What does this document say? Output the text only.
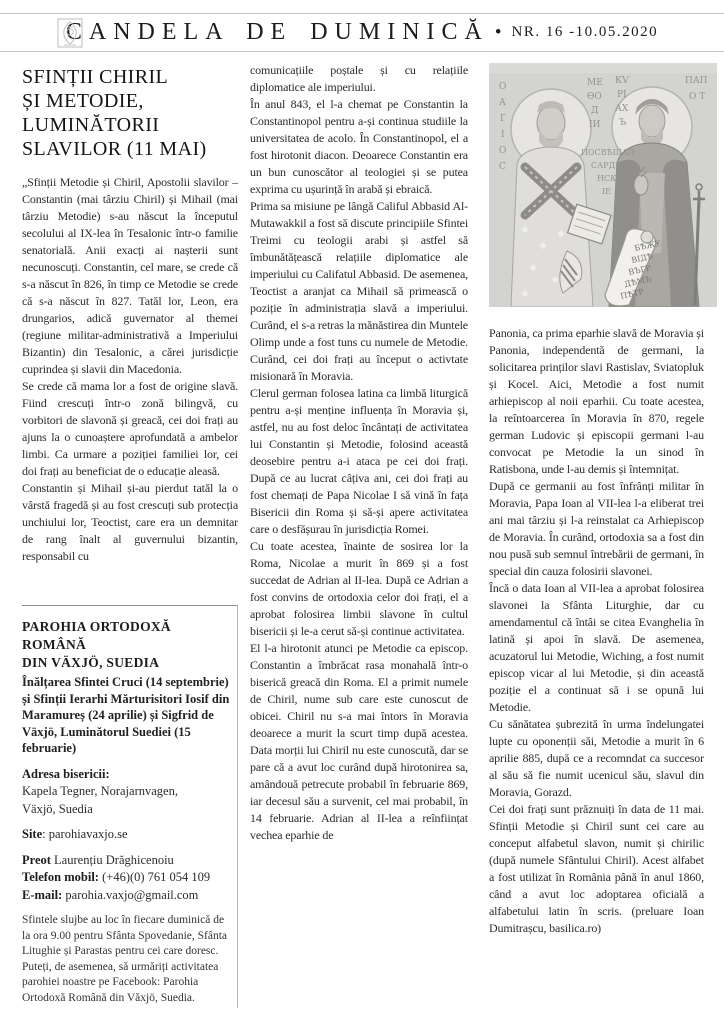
CANDELA DE DUMINICĂ • NR. 16 -10.05.2020
SFINȚII CHIRIL
ȘI METODIE,
LUMINĂTORII
SLAVILOR (11 MAI)

„Sfinții Metodie și Chiril, Apostolii slavilor – Constantin (mai târziu Chiril) și Mihail (mai târziu Metodie) s-au născut la începutul secolului al IX-lea în Tesalonic într-o familie senatorială. Anii exacți ai nașterii sunt necunoscuți. Constantin, cel mare, se crede că s-a născut în 826, în timp ce Metodie se crede că s-a născut în 827. Tatăl lor, Leon, era drungarios, adică guvernator al themei (regiune militar-administrativă a Imperiului Bizantin) din Tesalonic, a cărei jurisdicție cuprindea și slavii din Macedonia.

Se crede că mama lor a fost de origine slavă. Fiind crescuți într-o zonă bilingvă, cu vorbitori de slavonă și greacă, cei doi frați au ajuns la o cunoaștere aprofundată a ambelor limbi. Ca urmare a poziției familiei lor, cei doi frați au beneficiat de o educație aleasă.

Constantin și Mihail și-au pierdut tatăl la o vârstă fragedă și au fost crescuți sub protecția unchiului lor, Teoctist, care era un demnitar de rang înalt al guvernului bizantin, responsabil cu

PAROHIA ORTODOXĂ ROMÂNĂ
DIN VÄXJÖ, SUEDIA
Înălțarea Sfintei Cruci (14 septembrie) și Sfinții Ierarhi Mărturisitori Iosif din Maramureș (24 aprilie) și Sigfrid de Växjö, Luminătorul Suediei (15 februarie)
Adresa bisericii:
Kapela Tegner, Norajarnvagen,
Växjö, Suedia
Site: parohiavaxjo.se
Preot Laurențiu Drăghicenoiu
Telefon mobil: (+46)(0) 761 054 109
E-mail: parohia.vaxjo@gmail.com
Sfintele slujbe au loc în fiecare duminică de la ora 9.00 pentru Sfânta Spovedanie, Sfânta Litughie și Parastas pentru cei care doresc. Puteți, de asemenea, să urmăriți activitatea parohiei noastre pe Facebook: Parohia Ortodoxă Română din Văxjö, Suedia.

comunicațiile poștale și cu relațiile diplomatice ale imperiului.

În anul 843, el l-a chemat pe Constantin la Constantinopol pentru a-și continua studiile la universitatea de acolo. În Constantinopol, el a fost hirotonit diacon. Deoarece Constantin era un bun cunoscător al teologiei și se putea exprima cu ușurință în arabă și ebraică.

Prima sa misiune pe lângă Califul Abbasid Al-Mutawakkil a fost să discute principiile Sfintei Treimi cu teologii arabi și astfel să îmbunătățească relațiile diplomatice ale imperiului cu Califatul Abbasid. De asemenea, Teoctist a aranjat ca Mihail să primească o poziție în administrația slavă a imperiului. Curând, el s-a retras la mănăstirea din Muntele Olimp unde a fost tuns cu numele de Metodie. Curând, cei doi frați au început o activtate misionară în Moravia.

Clerul german folosea latina ca limbă liturgică pentru a-și menține influența în Moravia și, astfel, nu au fost deloc încântați de activitatea lui Constantin și Metodie, folosind această deosebire pentru a-i ataca pe cei doi frați. După ce au lucrat câțiva ani, cei doi frați au fost chemați de Papa Nicolae I să vină în fața Bisericii din Roma și să-și apere activitatea care o desfășurau în jurisdicția Romei.

Cu toate acestea, înainte de sosirea lor la Roma, Nicolae a murit în 869 și a fost succedat de Adrian al II-lea. După ce Adrian a fost convins de ortodoxia celor doi frați, el a aprobat folosirea limbii slavone în cultul bisericii și le-a cerut să-și continue activitatea.

El l-a hirotonit atunci pe Metodie ca episcop. Constantin a îmbrăcat rasa monahală într-o biserică greacă din Roma. El a primit numele de Chiril, nume sub care este cunoscut de obicei. Chiril nu s-a mai întors în Moravia deoarece a murit la scurt timp după acestea. Data morții lui Chiril nu este cunoscută, dar se pare că a avut loc curând după hirotonirea sa, amândouă petrecute probabil în februarie 869, iar decesul său a survenit, cel mai probabil, în 14 februarie. Adrian al II-lea a reînființat vechea eparhie de

О
А
Г
І
О
С
МЕ
ѲО
Д
ІИ
КѴ
РІ
АХ
Ъ
ПАП
О Т
ПОСВѢЩАЛ
САРДЕ
НСК
ІЕ
БѢЖУ
ВІДѢ
ВЪГР
ДѢМЪ
ПѢТР

Panonia, ca prima eparhie slavă de Moravia și Panonia, independentă de germani, la solicitarea prinților slavi Rastislav, Sviatopluk și Kocel. Aici, Metodie a fost numit arhiepiscop al noii eparhii. Cu toate acestea, la reîntoarcerea în Moravia în 870, regele german Ludovic și episcopii germani l-au convocat pe Metodie la un sinod în Ratisbona, unde l-au demis și întemnițat.

După ce germanii au fost înfrânți militar în Moravia, Papa Ioan al VII-lea l-a eliberat trei ani mai târziu și l-a reinstalat ca Arhiepiscop de Moravia. În curând, ortodoxia sa a fost din nou pusă sub semnul întrebării de germani, în special din cauza folosirii slavonei.

Încă o data Ioan al VII-lea a aprobat folosirea slavonei la Sfânta Liturghie, dar cu amendamentul că întâi se citea Evanghelia în latină și apoi în slavă. De asemenea, acuzatorul lui Metodie, Wiching, a fost numit episcop vicar al lui Metodie, și din această poziție el a continuat să i se opună lui Metodie.

Cu sănătatea șubrezită în urma îndelungatei lupte cu oponenții săi, Metodie a murit în 6 aprilie 885, după ce a recomndat ca succesor al său să fie numit ucenicul său, slavul din Moravia, Gorazd.

Cei doi frați sunt prăznuiți în data de 11 mai. Sfinții Metodie și Chiril sunt cei care au conceput alfabetul slavon, numit și chirilic (după numele Sfântului Chiril). Acest alfabet a fost utilizat în România până în anul 1860, când a avut loc adoptarea oficială a alfabetului latin în scris. (preluare Ioan Dumitrașcu, basilica.ro)
